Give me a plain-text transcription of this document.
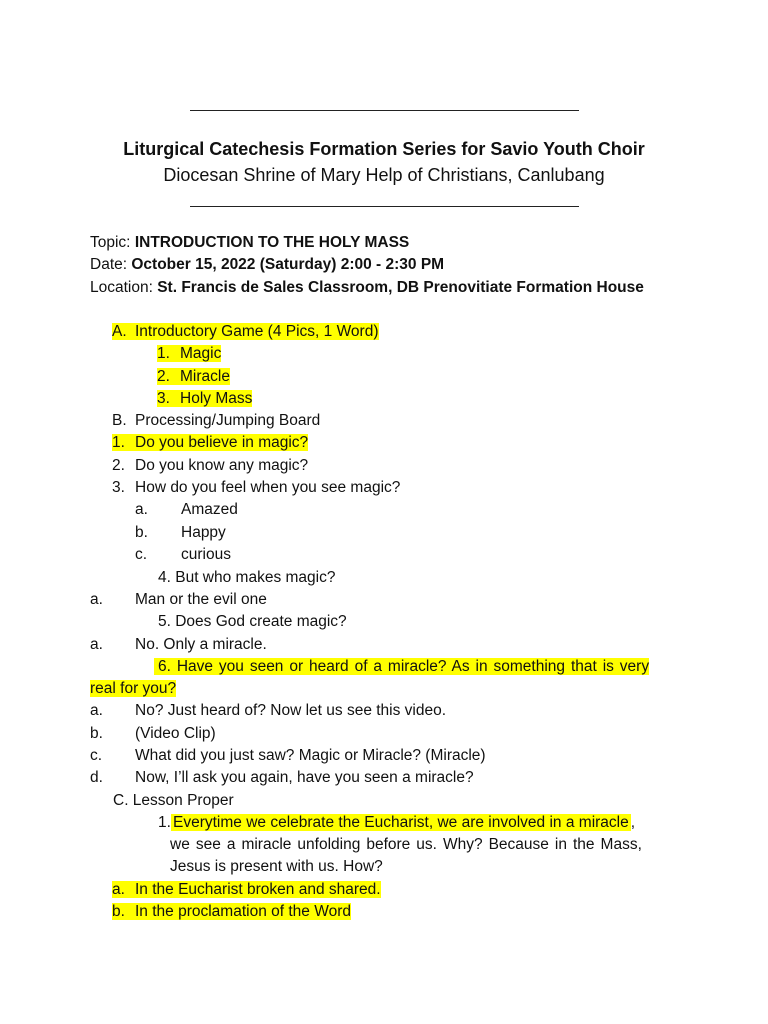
Liturgical Catechesis Formation Series for Savio Youth Choir
Diocesan Shrine of Mary Help of Christians, Canlubang
Topic: INTRODUCTION TO THE HOLY MASS
Date: October 15, 2022 (Saturday) 2:00 - 2:30 PM
Location: St. Francis de Sales Classroom, DB Prenovitiate Formation House
A. Introductory Game (4 Pics, 1 Word)
1. Magic
2. Miracle
3. Holy Mass
B. Processing/Jumping Board
1. Do you believe in magic?
2. Do you know any magic?
3. How do you feel when you see magic?
a. Amazed
b. Happy
c. curious
4. But who makes magic?
a. Man or the evil one
5. Does God create magic?
a. No. Only a miracle.
6. Have you seen or heard of a miracle? As in something that is very
real for you?
a. No? Just heard of? Now let us see this video.
b. (Video Clip)
c. What did you just saw? Magic or Miracle? (Miracle)
d. Now, I’ll ask you again, have you seen a miracle?
C. Lesson Proper
1. Everytime we celebrate the Eucharist, we are involved in a miracle ,
we see a miracle unfolding before us. Why? Because in the Mass,
Jesus is present with us. How?
a. In the Eucharist broken and shared.
b. In the proclamation of the Word
